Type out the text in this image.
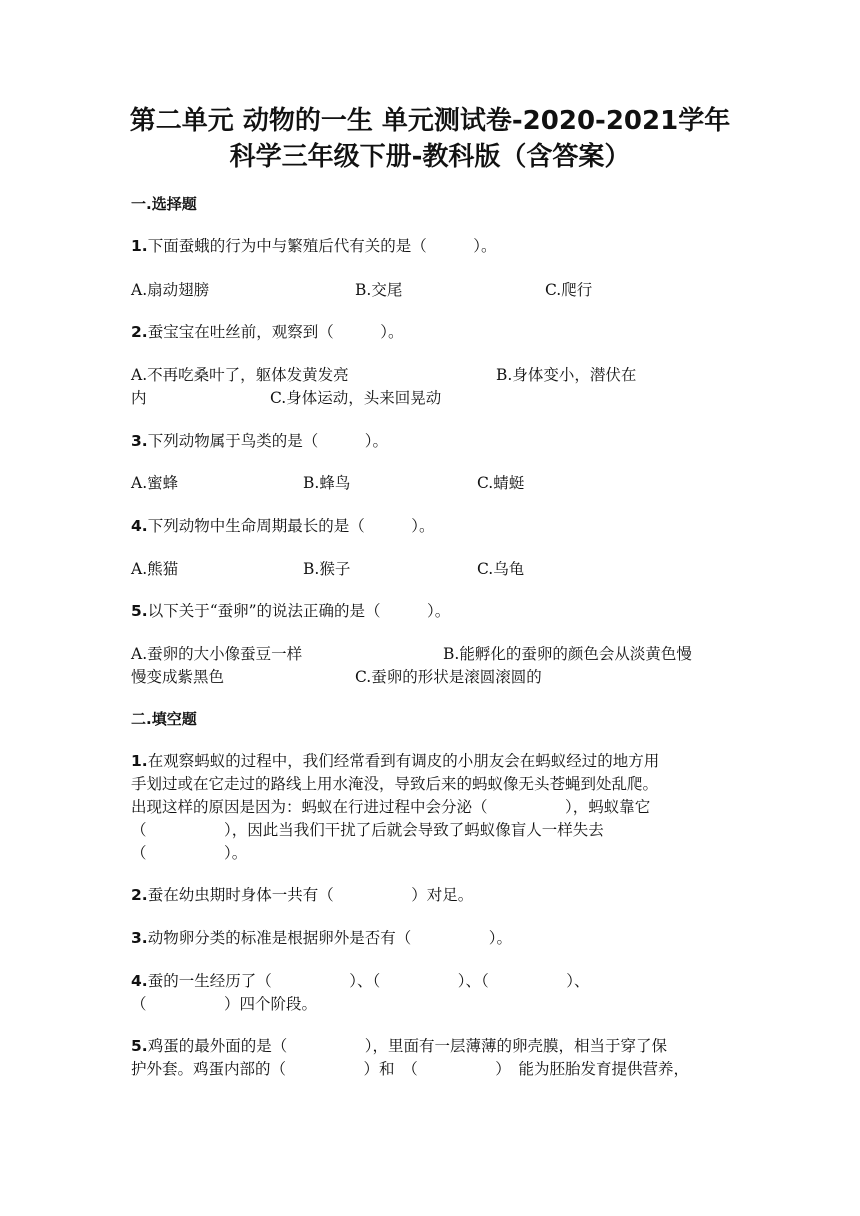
第二单元 动物的一生 单元测试卷-2020-2021学年
科学三年级下册-教科版（含答案）
一.选择题
1.下面蚕蛾的行为中与繁殖后代有关的是（　　　）。
A.扇动翅膀	B.交尾	C.爬行
2.蚕宝宝在吐丝前，观察到（　　　）。
A.不再吃桑叶了，躯体发黄发亮	B.身体变小，潜伏在
内	C.身体运动，头来回晃动
3.下列动物属于鸟类的是（　　　）。
A.蜜蜂	B.蜂鸟	C.蜻蜓
4.下列动物中生命周期最长的是（　　　）。
A.熊猫	B.猴子	C.乌龟
5.以下关于“蚕卵”的说法正确的是（　　　）。
A.蚕卵的大小像蚕豆一样	B.能孵化的蚕卵的颜色会从淡黄色慢
慢变成紫黑色	C.蚕卵的形状是滚圆滚圆的
二.填空题
1.在观察蚂蚁的过程中，我们经常看到有调皮的小朋友会在蚂蚁经过的地方用
手划过或在它走过的路线上用水淹没，导致后来的蚂蚁像无头苍蝇到处乱爬。
出现这样的原因是因为：蚂蚁在行进过程中会分泌（　　　　　），蚂蚁靠它
（　　　　　），因此当我们干扰了后就会导致了蚂蚁像盲人一样失去
（　　　　　）。
2.蚕在幼虫期时身体一共有（　　　　　）对足。
3.动物卵分类的标准是根据卵外是否有（　　　　　）。
4.蚕的一生经历了（　　　　　）、（　　　　　）、（　　　　　）、
（　　　　　）四个阶段。
5.鸡蛋的最外面的是（　　　　　），里面有一层薄薄的卵壳膜，相当于穿了保
护外套。鸡蛋内部的（　　　　　）和　（　　　　　）　能为胚胎发育提供营养，
